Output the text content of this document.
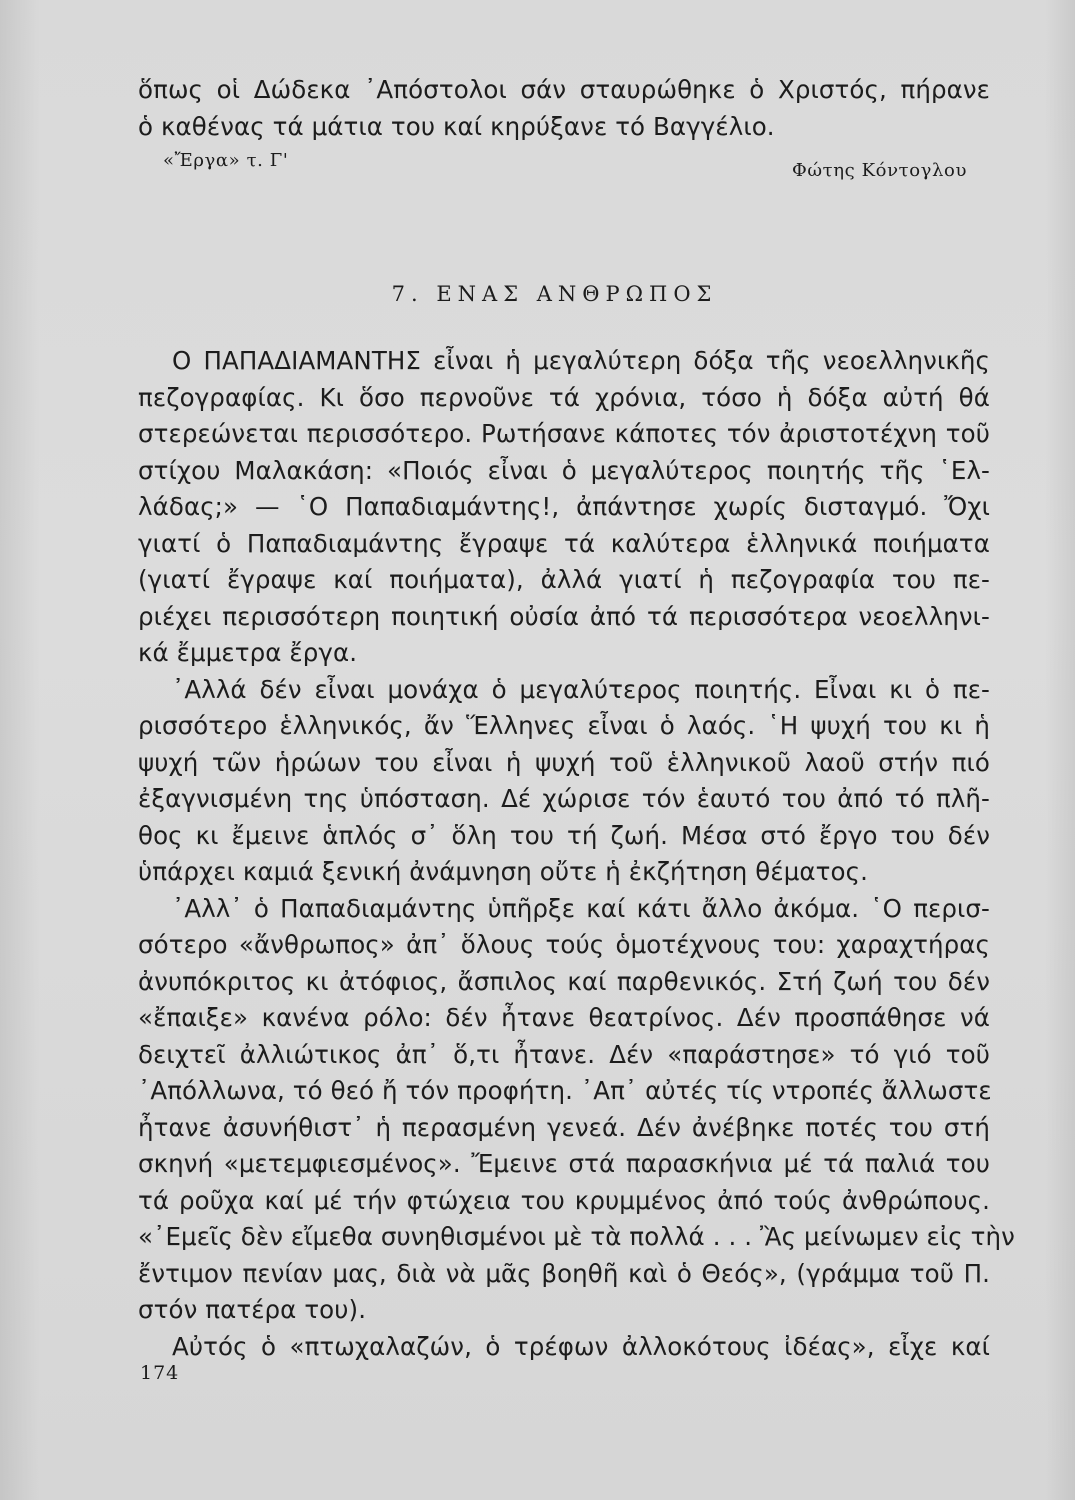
ὅπως οἱ Δώδεκα ᾿Απόστολοι σάν σταυρώθηκε ὁ Χριστός, πήρανε
ὁ καθένας τά μάτια του καί κηρύξανε τό Βαγγέλιο.
«Ἔργα» τ. Γ'	Φώτης Κόντογλου
7. ΕΝΑΣ ΑΝΘΡΩΠΟΣ
Ο ΠΑΠΑΔΙΑΜΑΝΤΗΣ εἶναι ἡ μεγαλύτερη δόξα τῆς νεοελληνικῆς
πεζογραφίας. Κι ὅσο περνοῦνε τά χρόνια, τόσο ἡ δόξα αὐτή θά
στερεώνεται περισσότερο. Ρωτήσανε κάποτες τόν ἀριστοτέχνη τοῦ
στίχου Μαλακάση: «Ποιός εἶναι ὁ μεγαλύτερος ποιητής τῆς ῾Ελ-
λάδας;» — ῾Ο Παπαδιαμάντης!, ἀπάντησε χωρίς δισταγμό. Ὄχι
γιατί ὁ Παπαδιαμάντης ἔγραψε τά καλύτερα ἑλληνικά ποιήματα
(γιατί ἔγραψε καί ποιήματα), ἀλλά γιατί ἡ πεζογραφία του πε-
ριέχει περισσότερη ποιητική οὐσία ἀπό τά περισσότερα νεοελληνι-
κά ἔμμετρα ἔργα.
᾿Αλλά δέν εἶναι μονάχα ὁ μεγαλύτερος ποιητής. Εἶναι κι ὁ πε-
ρισσότερο ἑλληνικός, ἄν Ἕλληνες εἶναι ὁ λαός. ῾Η ψυχή του κι ἡ
ψυχή τῶν ἡρώων του εἶναι ἡ ψυχή τοῦ ἑλληνικοῦ λαοῦ στήν πιό
ἐξαγνισμένη της ὑπόσταση. Δέ χώρισε τόν ἑαυτό του ἀπό τό πλῆ-
θος κι ἔμεινε ἁπλός σ᾿ ὅλη του τή ζωή. Μέσα στό ἔργο του δέν
ὑπάρχει καμιά ξενική ἀνάμνηση οὔτε ἡ ἐκζήτηση θέματος.
᾿Αλλ᾿ ὁ Παπαδιαμάντης ὑπῆρξε καί κάτι ἄλλο ἀκόμα. ῾Ο περισ-
σότερο «ἄνθρωπος» ἀπ᾿ ὅλους τούς ὁμοτέχνους του: χαραχτήρας
ἀνυπόκριτος κι ἀτόφιος, ἄσπιλος καί παρθενικός. Στή ζωή του δέν
«ἔπαιξε» κανένα ρόλο: δέν ἦτανε θεατρίνος. Δέν προσπάθησε νά
δειχτεῖ ἀλλιώτικος ἀπ᾿ ὅ,τι ἦτανε. Δέν «παράστησε» τό γιό τοῦ
᾿Απόλλωνα, τό θεό ἤ τόν προφήτη. ᾿Απ᾿ αὐτές τίς ντροπές ἄλλωστε
ἦτανε ἀσυνήθιστ᾿ ἡ περασμένη γενεά. Δέν ἀνέβηκε ποτές του στή
σκηνή «μετεμφιεσμένος». Ἔμεινε στά παρασκήνια μέ τά παλιά του
τά ροῦχα καί μέ τήν φτώχεια του κρυμμένος ἀπό τούς ἀνθρώπους.
«᾿Εμεῖς δὲν εἴμεθα συνηθισμένοι μὲ τὰ πολλά . . . Ἂς μείνωμεν εἰς τὴν
ἔντιμον πενίαν μας, διὰ νὰ μᾶς βοηθῆ καὶ ὁ Θεός», (γράμμα τοῦ Π.
στόν πατέρα του).
Αὐτός ὁ «πτωχαλαζών, ὁ τρέφων ἀλλοκότους ἰδέας», εἶχε καί
174
